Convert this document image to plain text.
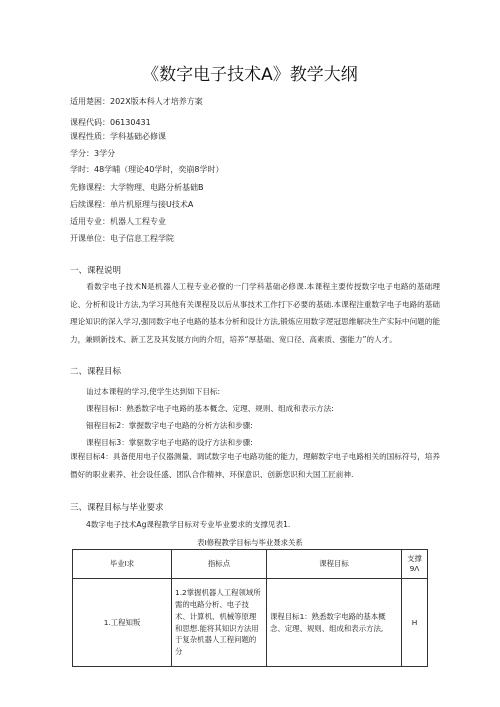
《数字电子技术A》教学大纲
适用楚困：202X版本科人才培养方案
课程代码：06130431
课程性质：学科基础必修课
学分：3学分
学时：48学晡（理论40学时，奕崩8学时）
先修课程：大学物理、电路分析基础B
后续课程：单片机原理与接U技术A
适用专业：机器人工程专业
开课单位：电子信息工程学院
一、课程说明
看数字电子技术N是机器人工程专业必僚的一门学科基础必修课.本课程主要传授数字电子电路的基础理论、分析和设计方法,为学习其他有关课程及以后从事技术工作打下必要的基础.本课程注重数字电子电路的基础理论知识的深入学习,强同数字电子电路的基本分析和设计方法,锻炼应用数字逻冠思维解决生产实际中问题的能力，兼顾新技术、新工艺及其发展方向的介绍，培养“厚基础、宽口径、高素质、强能力”的人才。
二、课程目标
讪过本课程的学习,使学生达到如下目标:
课程目标I：熟悉数字电子电路的基本概念、定理、规则、组成和表示方法:
钿程目标2：掌握数字电子电路的分析方法和步骤:
课程目标3：掌驱数字电子电路的设疗方法和步骤:
课程目标4：具备使用电子仪器测量、调试数字电子电路功能的能力，理解数字电子电路相关的国标符号，培养僭好的职业素养、社会设任盛、团队合作精神、环保意识、创新您识和大国工匠前神.
三、课程目标与毕业要求
4数字电子技术Ag课程教学目标对专业毕业要求的支撑见表1.
表I修程教学目标与毕业聂求关系
毕业I求	指标点	课程目标	支撑9Λ
1.工程知叛	1.2掌握机器人工程领域所需的电路分析、电子技术、计算机、机械等原理和思想.能将其知识方法用于复杂机器人工程问题的分	课程目标1：熟悉数字电路的基本概念、定理、规则、组成和表示方法,	H
